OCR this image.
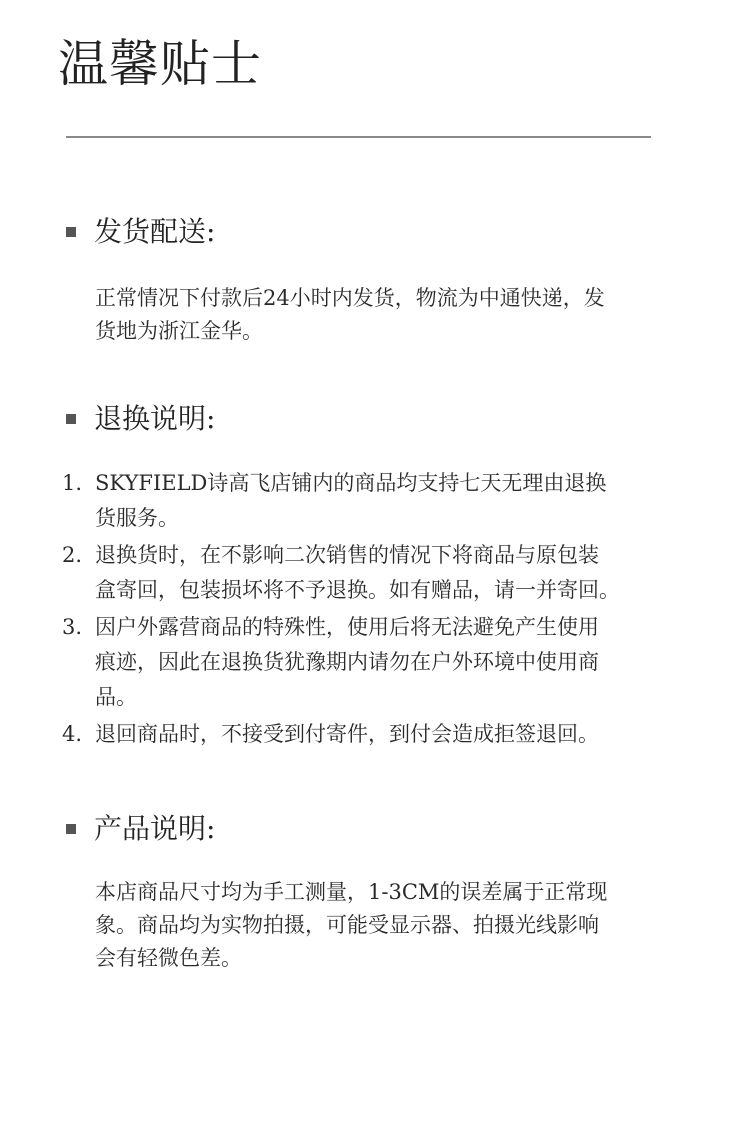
温馨贴士
发货配送:

正常情况下付款后24小时内发货，物流为中通快递，发
货地为浙江金华。

退换说明:
1. SKYFIELD诗高飞店铺内的商品均支持七天无理由退换
货服务。
2. 退换货时，在不影响二次销售的情况下将商品与原包装
盒寄回，包装损坏将不予退换。如有赠品，请一并寄回。
3. 因户外露营商品的特殊性，使用后将无法避免产生使用
痕迹，因此在退换货犹豫期内请勿在户外环境中使用商
品。
4. 退回商品时，不接受到付寄件，到付会造成拒签退回。
产品说明:

本店商品尺寸均为手工测量，1-3CM的误差属于正常现
象。商品均为实物拍摄，可能受显示器、拍摄光线影响
会有轻微色差。
